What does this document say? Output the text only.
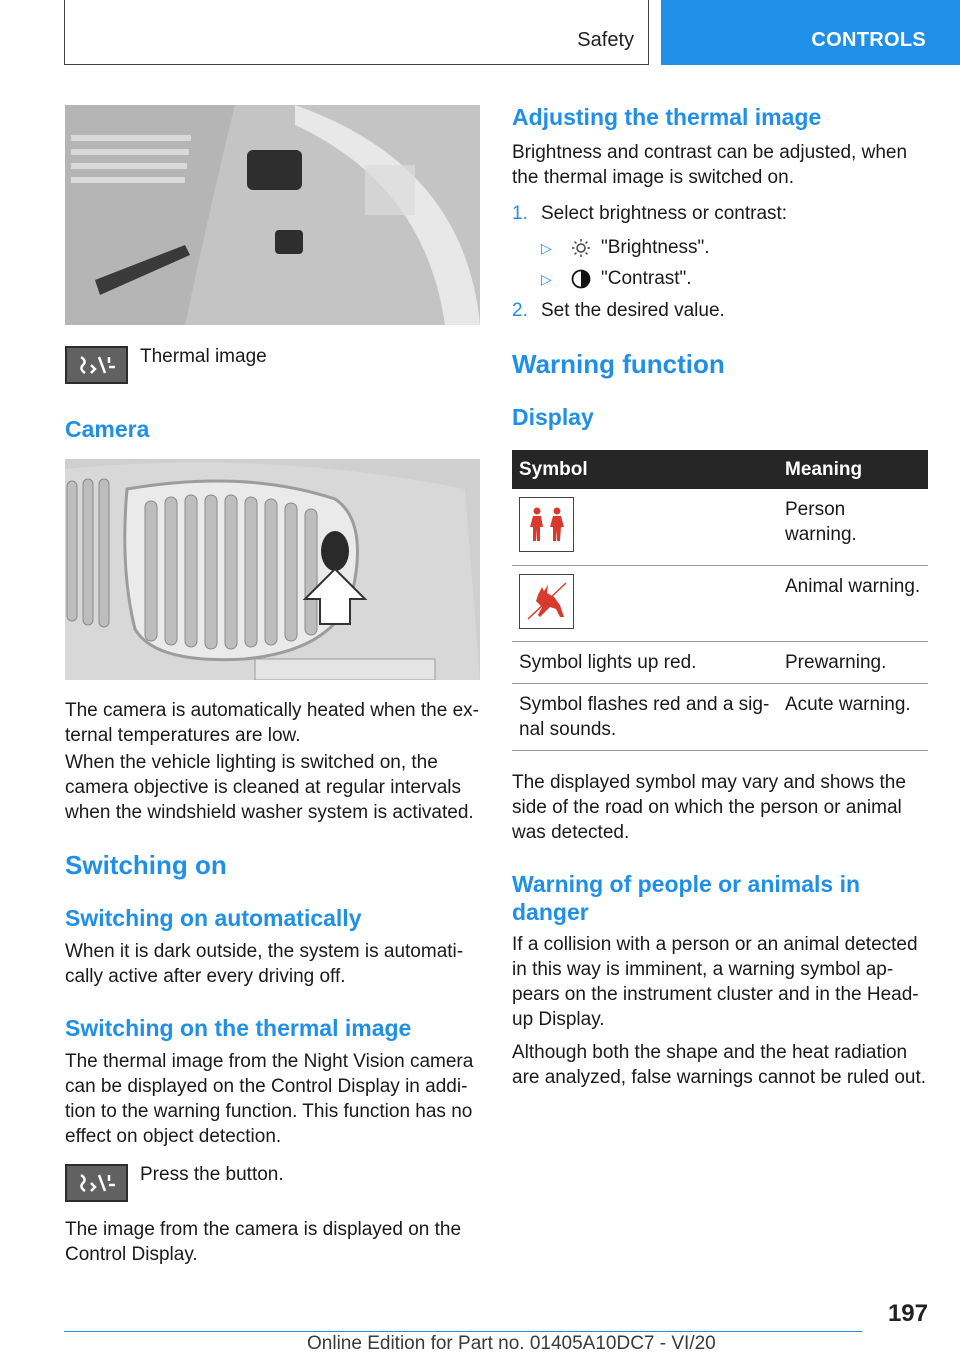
Safety	CONTROLS

Thermal image

Camera

The camera is automatically heated when the ex‐ ternal temperatures are low.

When the vehicle lighting is switched on, the camera objective is cleaned at regular intervals when the windshield washer system is activated.

Switching on
Switching on automatically

When it is dark outside, the system is automati‐ cally active after every driving off.

Switching on the thermal image

The thermal image from the Night Vision camera can be displayed on the Control Display in addi‐ tion to the warning function. This function has no effect on object detection.

Press the button.

The image from the camera is displayed on the Control Display.

Adjusting the thermal image

Brightness and contrast can be adjusted, when the thermal image is switched on.

1. Select brightness or contrast:
▷	"Brightness".
▷	"Contrast".
2. Set the desired value.
Warning function
Display
Symbol	Meaning

	Person warning.

	Animal warning.
Symbol lights up red.	Prewarning.
Symbol flashes red and a sig‐ nal sounds.	Acute warning.

The displayed symbol may vary and shows the side of the road on which the person or animal was detected.

Warning of people or animals in danger

If a collision with a person or an animal detected in this way is imminent, a warning symbol ap‐ pears on the instrument cluster and in the Head- up Display.

Although both the shape and the heat radiation are analyzed, false warnings cannot be ruled out.

197
Online Edition for Part no. 01405A10DC7 - VI/20
